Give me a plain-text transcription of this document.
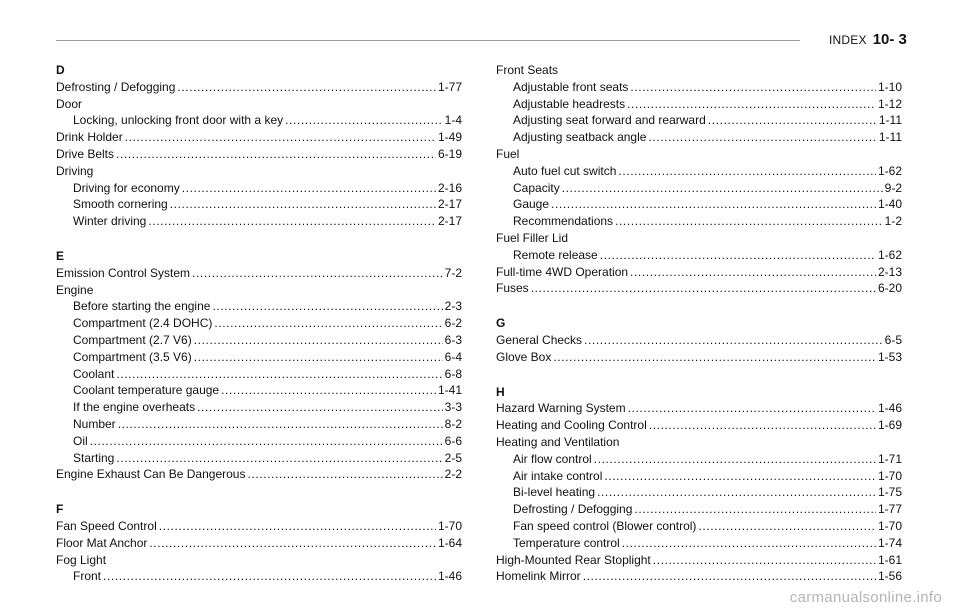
INDEX 10- 3
D
Defrosting / Defogging .....	1-77
Door
Locking, unlocking front door with a key .....	1-4
Drink Holder .....	1-49
Drive Belts .....	6-19
Driving
Driving for economy .....	2-16
Smooth cornering .....	2-17
Winter driving .....	2-17
E
Emission Control System .....	7-2
Engine
Before starting the engine .....	2-3
Compartment (2.4 DOHC) .....	6-2
Compartment (2.7 V6) .....	6-3
Compartment (3.5 V6) .....	6-4
Coolant .....	6-8
Coolant temperature gauge .....	1-41
If the engine overheats .....	3-3
Number .....	8-2
Oil .....	6-6
Starting .....	2-5
Engine Exhaust Can Be Dangerous .....	2-2
F
Fan Speed Control .....	1-70
Floor Mat Anchor .....	1-64
Fog Light
Front .....	1-46
Front Seats
Adjustable front seats .....	1-10
Adjustable headrests .....	1-12
Adjusting seat forward and rearward .....	1-11
Adjusting seatback angle .....	1-11
Fuel
Auto fuel cut switch .....	1-62
Capacity .....	9-2
Gauge .....	1-40
Recommendations .....	1-2
Fuel Filler Lid
Remote release .....	1-62
Full-time 4WD Operation .....	2-13
Fuses .....	6-20
G
General Checks .....	6-5
Glove Box .....	1-53
H
Hazard Warning System .....	1-46
Heating and Cooling Control .....	1-69
Heating and Ventilation
Air flow control .....	1-71
Air intake control .....	1-70
Bi-level heating .....	1-75
Defrosting / Defogging .....	1-77
Fan speed control (Blower control) .....	1-70
Temperature control .....	1-74
High-Mounted Rear Stoplight .....	1-61
Homelink Mirror .....	1-56
carmanualsonline.info
